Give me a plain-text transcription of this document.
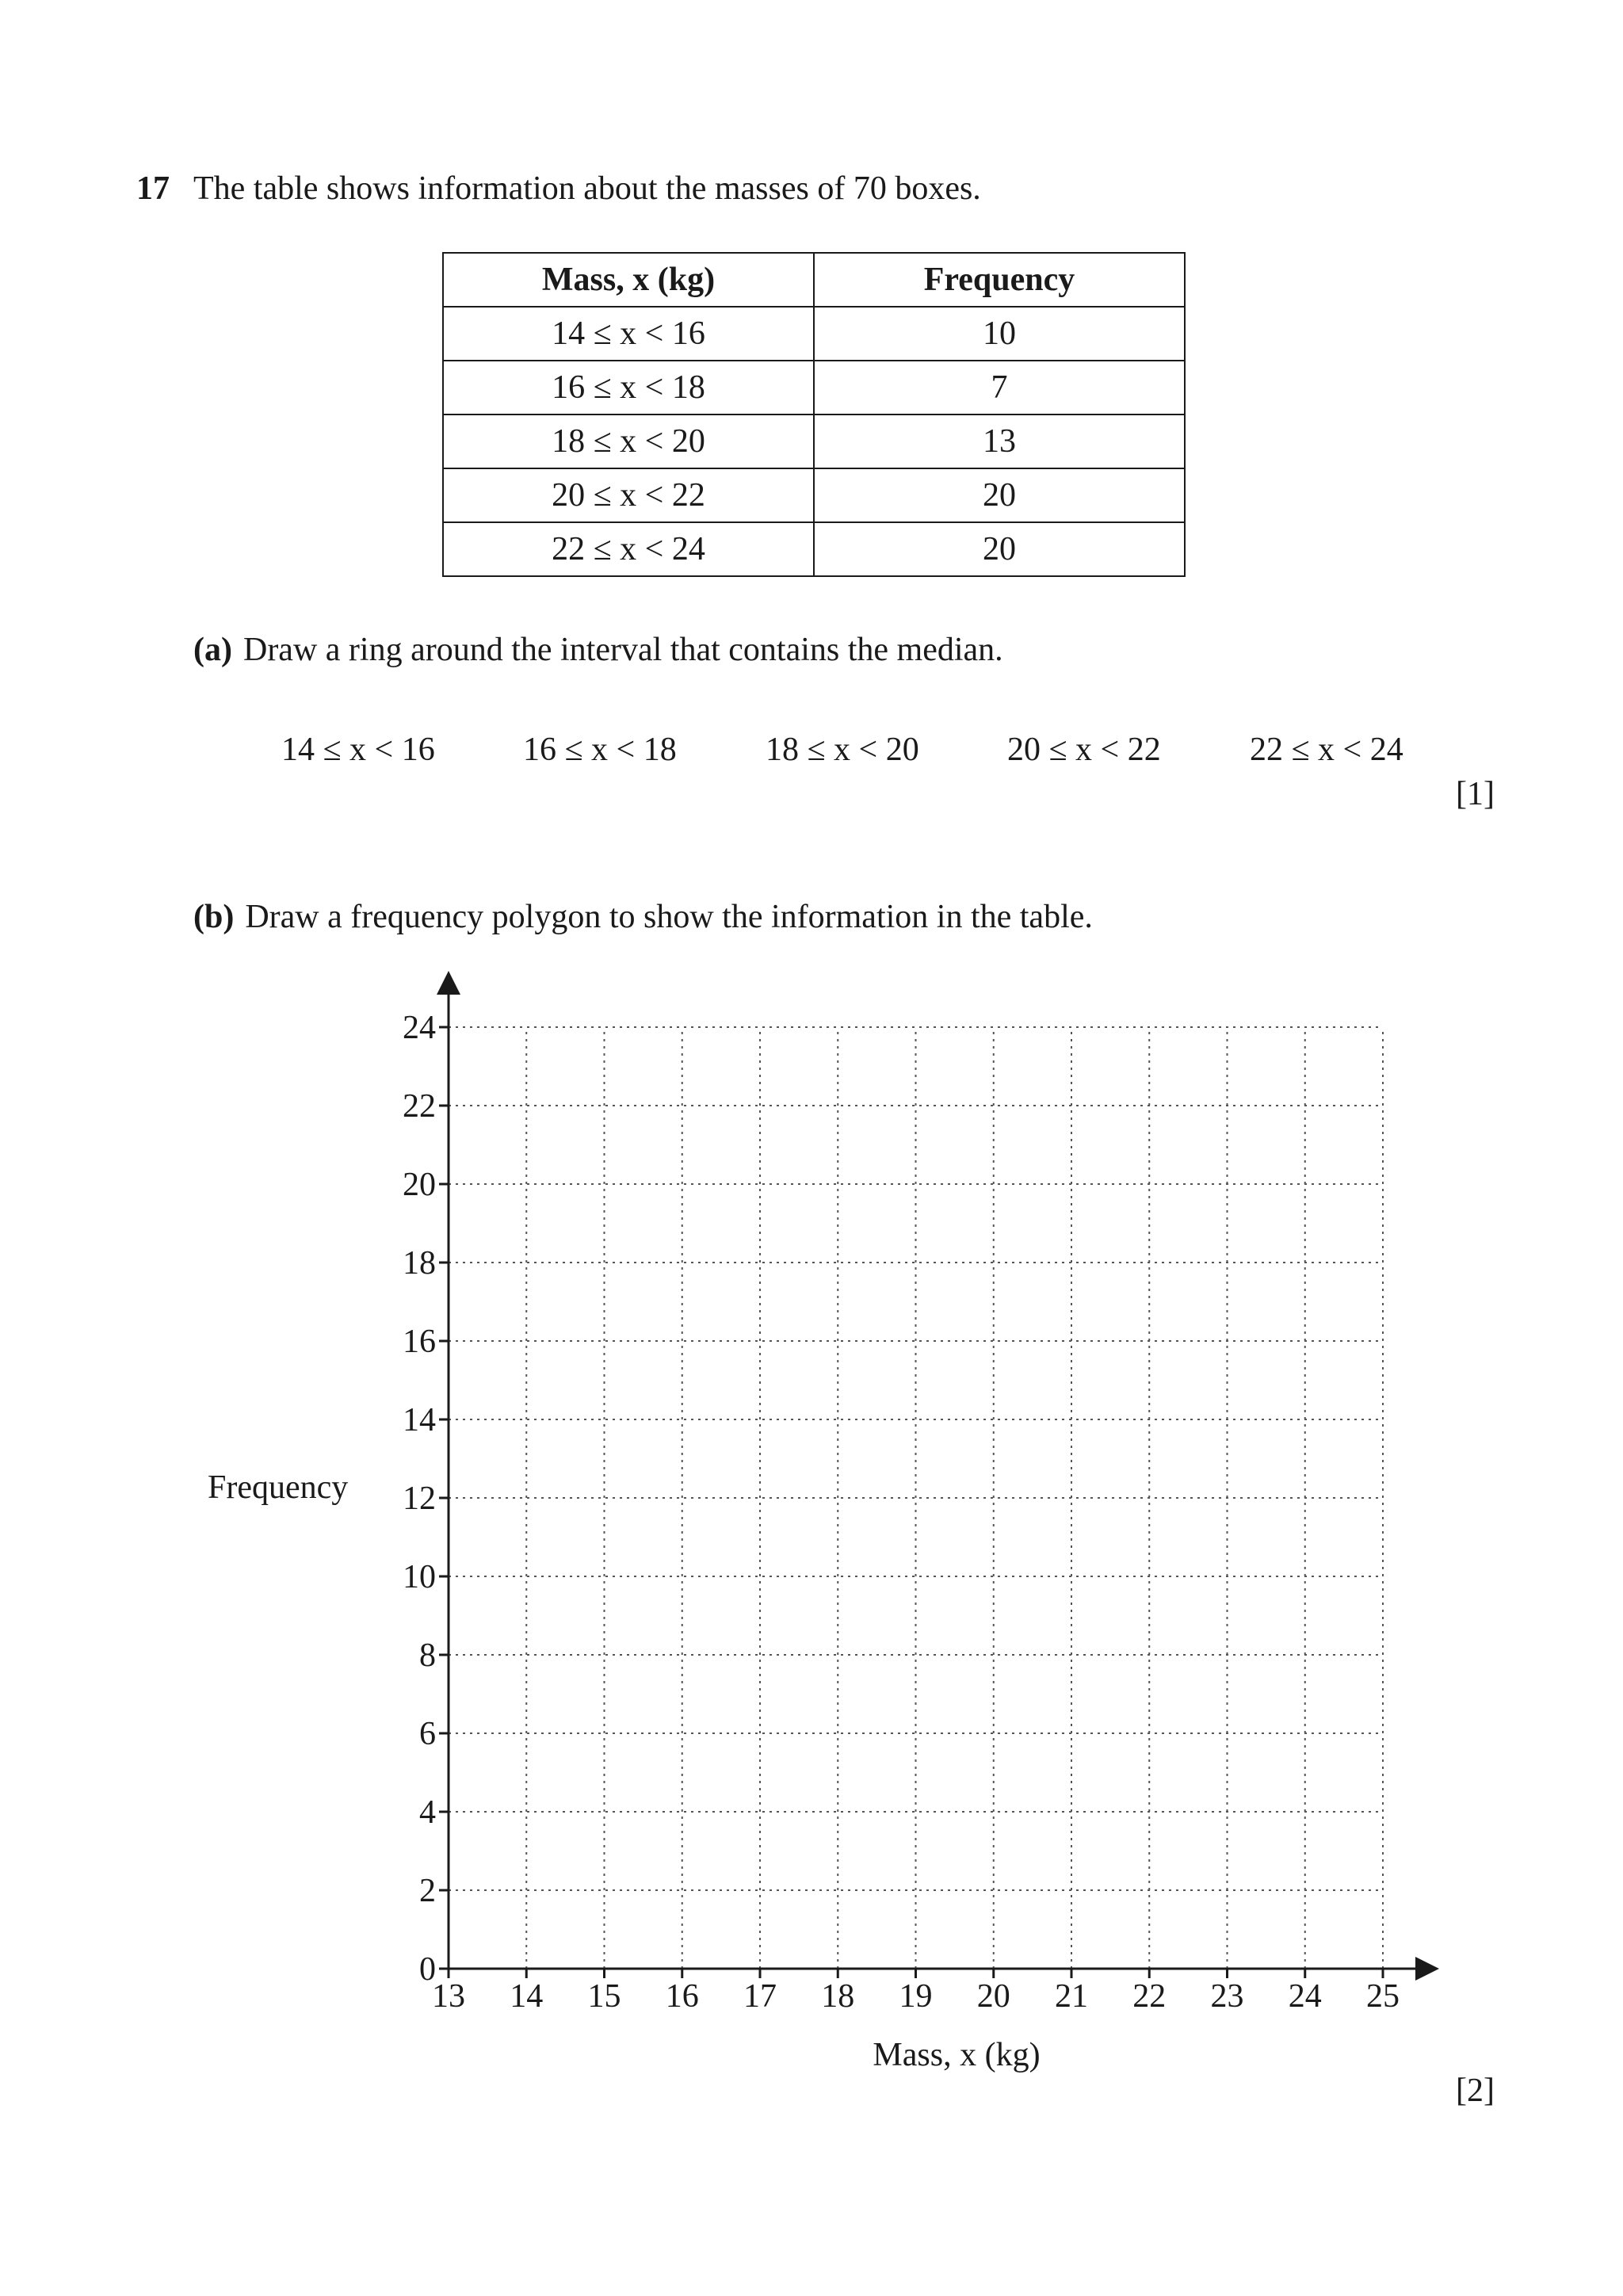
17 The table shows information about the masses of 70 boxes.
Mass, x (kg)	Frequency
14 ≤ x < 16	10
16 ≤ x < 18	7
18 ≤ x < 20	13
20 ≤ x < 22	20
22 ≤ x < 24	20
(a) Draw a ring around the interval that contains the median.
14 ≤ x < 16	16 ≤ x < 18	18 ≤ x < 20	20 ≤ x < 22	22 ≤ x < 24
[1]
(b) Draw a frequency polygon to show the information in the table.
13 14 15 16 17 18 19 20 21 22 23 24 25
0
2
4
6
8
10
12
14
16
18
20
22
24
Mass, x (kg)
Frequency
[2]
